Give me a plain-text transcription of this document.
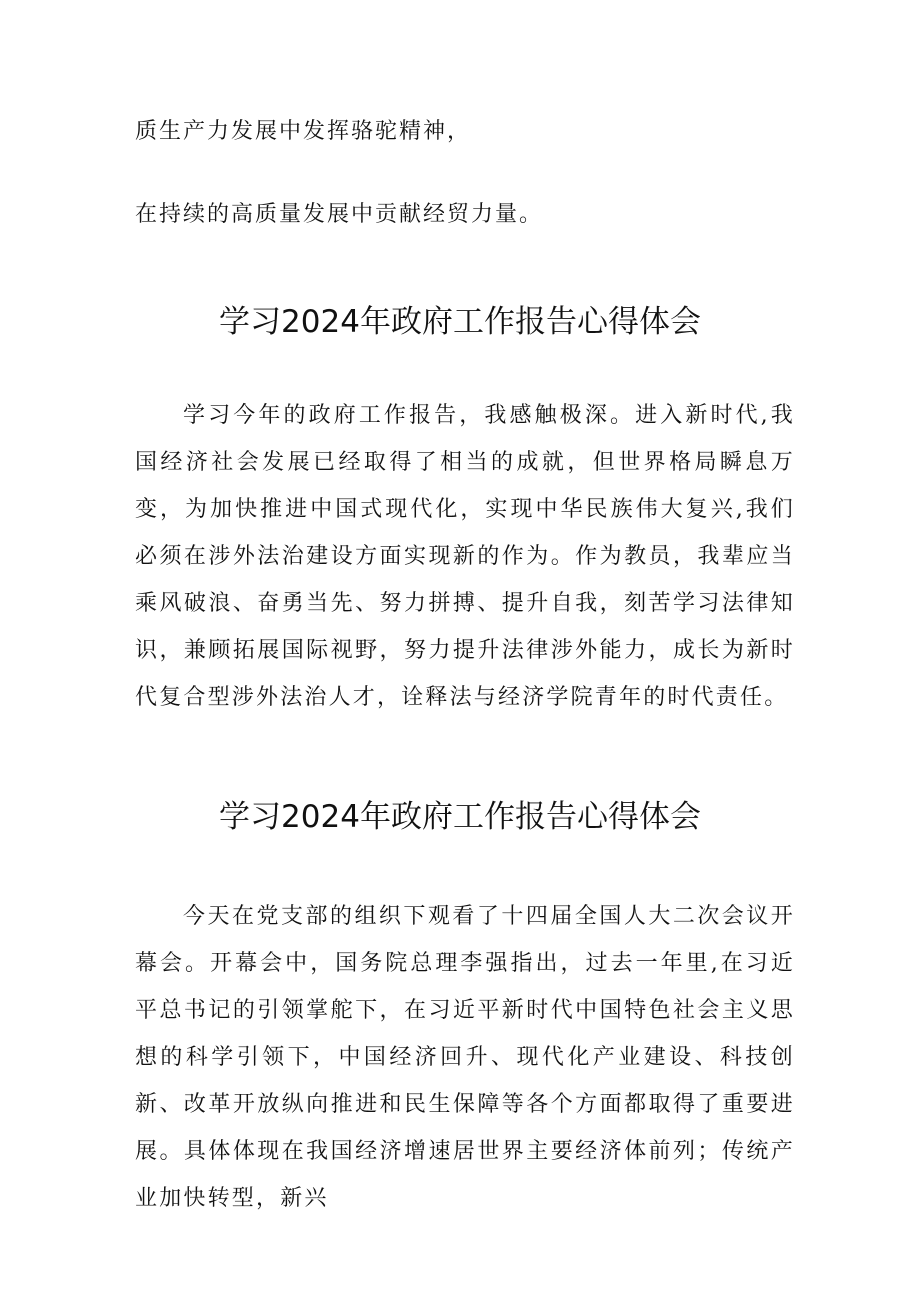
质生产力发展中发挥骆驼精神，
在持续的高质量发展中贡献经贸力量。
学习2024年政府工作报告心得体会

学习今年的政府工作报告，我感触极深。进入新时代,我国经济社会发展已经取得了相当的成就，但世界格局瞬息万变，为加快推进中国式现代化，实现中华民族伟大复兴,我们必须在涉外法治建设方面实现新的作为。作为教员，我辈应当乘风破浪、奋勇当先、努力拼搏、提升自我，刻苦学习法律知识，兼顾拓展国际视野，努力提升法律涉外能力，成长为新时代复合型涉外法治人才，诠释法与经济学院青年的时代责任。

学习2024年政府工作报告心得体会

今天在党支部的组织下观看了十四届全国人大二次会议开幕会。开幕会中，国务院总理李强指出，过去一年里,在习近平总书记的引领掌舵下，在习近平新时代中国特色社会主义思想的科学引领下，中国经济回升、现代化产业建设、科技创新、改革开放纵向推进和民生保障等各个方面都取得了重要进展。具体体现在我国经济增速居世界主要经济体前列；传统产业加快转型，新兴
